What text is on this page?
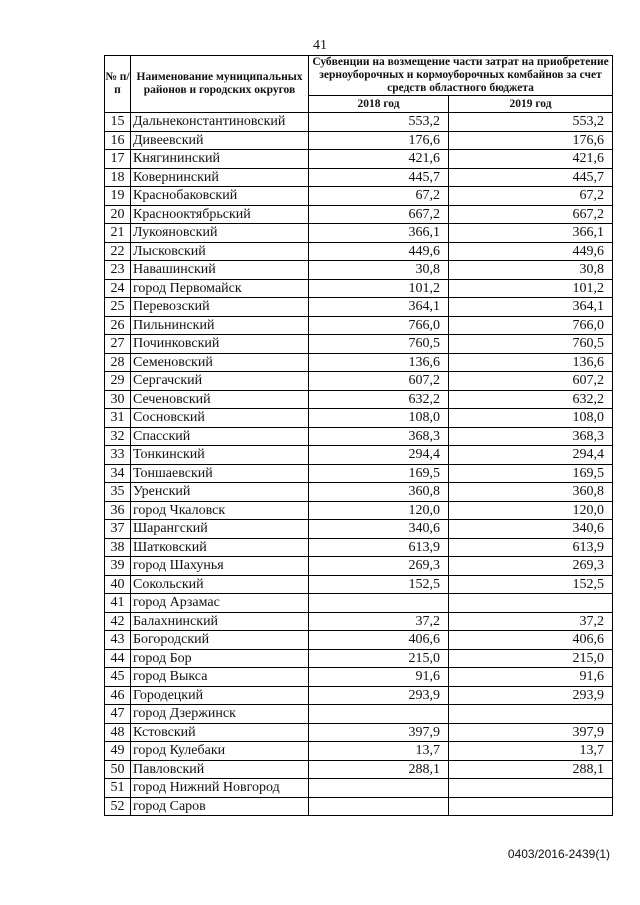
41
№ п/п	Наименование муниципальных районов и городских округов	Субвенции на возмещение части затрат на приобретение зерноуборочных и кормоуборочных комбайнов за счет средств областного бюджета	
		2018 год	2019 год
15	Дальнеконстантиновский	553,2	553,2
16	Дивеевский	176,6	176,6
17	Княгининский	421,6	421,6
18	Ковернинский	445,7	445,7
19	Краснобаковский	67,2	67,2
20	Краснооктябрьский	667,2	667,2
21	Лукояновский	366,1	366,1
22	Лысковский	449,6	449,6
23	Навашинский	30,8	30,8
24	город Первомайск	101,2	101,2
25	Перевозский	364,1	364,1
26	Пильнинский	766,0	766,0
27	Починковский	760,5	760,5
28	Семеновский	136,6	136,6
29	Сергачский	607,2	607,2
30	Сеченовский	632,2	632,2
31	Сосновский	108,0	108,0
32	Спасский	368,3	368,3
33	Тонкинский	294,4	294,4
34	Тоншаевский	169,5	169,5
35	Уренский	360,8	360,8
36	город Чкаловск	120,0	120,0
37	Шарангский	340,6	340,6
38	Шатковский	613,9	613,9
39	город Шахунья	269,3	269,3
40	Сокольский	152,5	152,5
41	город Арзамас		
42	Балахнинский	37,2	37,2
43	Богородский	406,6	406,6
44	город Бор	215,0	215,0
45	город Выкса	91,6	91,6
46	Городецкий	293,9	293,9
47	город Дзержинск		
48	Кстовский	397,9	397,9
49	город Кулебаки	13,7	13,7
50	Павловский	288,1	288,1
51	город Нижний Новгород		
52	город Саров		
0403/2016-2439(1)
